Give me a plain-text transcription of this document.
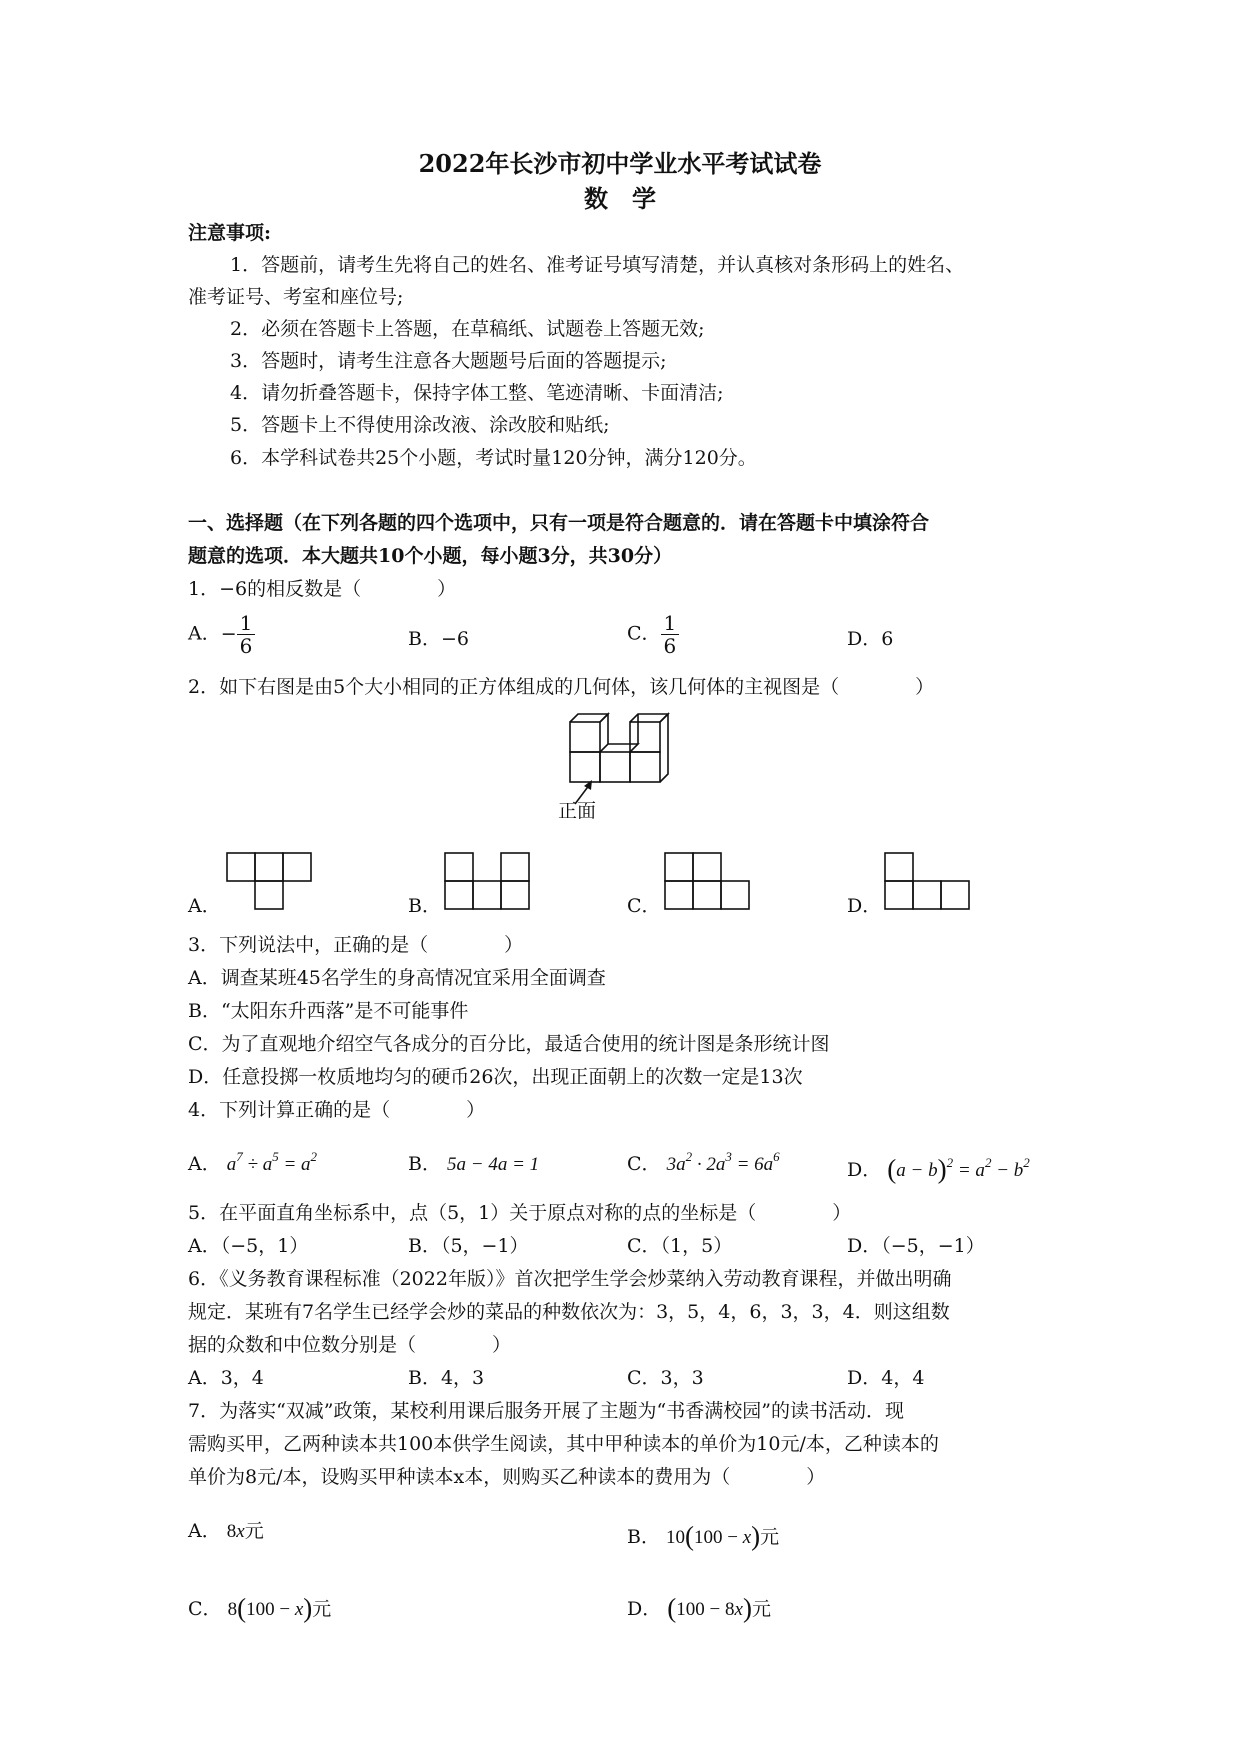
2022年长沙市初中学业水平考试试卷
数　学
注意事项:
1．答题前，请考生先将自己的姓名、准考证号填写清楚，并认真核对条形码上的姓名、
准考证号、考室和座位号;
2．必须在答题卡上答题，在草稿纸、试题卷上答题无效;
3．答题时，请考生注意各大题题号后面的答题提示;
4．请勿折叠答题卡，保持字体工整、笔迹清晰、卡面清洁;
5．答题卡上不得使用涂改液、涂改胶和贴纸;
6．本学科试卷共25个小题，考试时量120分钟，满分120分。
一、选择题（在下列各题的四个选项中，只有一项是符合题意的．请在答题卡中填涂符合
题意的选项．本大题共10个小题，每小题3分，共30分）
1．−6的相反数是（　　　　）
A．− $\frac{1}{6}$	B．−6	C． $\frac{1}{6}$	D．6
2．如下右图是由5个大小相同的正方体组成的几何体，该几何体的主视图是（　　　　）
正面
A．	B．	C．	D．
3．下列说法中，正确的是（　　　　）
A．调查某班45名学生的身高情况宜采用全面调查
B．“太阳东升西落”是不可能事件
C．为了直观地介绍空气各成分的百分比，最适合使用的统计图是条形统计图
D．任意投掷一枚质地均匀的硬币26次，出现正面朝上的次数一定是13次
4．下列计算正确的是（　　　　）
A． $a^7 \div a^5 = a^2$	B． 5a − 4a = 1	C． $3a^2 \cdot 2a^3 = 6a^6$
D． $(a - b)^2 = a^2 - b^2$
5．在平面直角坐标系中，点（5，1）关于原点对称的点的坐标是（　　　　）
A．（−5，1）	B．（5，−1）	C．（1，5）	D．（−5，−1）
6．《义务教育课程标准（2022年版）》首次把学生学会炒菜纳入劳动教育课程，并做出明确
规定．某班有7名学生已经学会炒的菜品的种数依次为：3，5，4，6，3，3，4．则这组数
据的众数和中位数分别是（　　　　）
A．3，4	B．4，3	C．3，3	D．4，4
7．为落实“双减”政策，某校利用课后服务开展了主题为“书香满校园”的读书活动．现
需购买甲，乙两种读本共100本供学生阅读，其中甲种读本的单价为10元/本，乙种读本的
单价为8元/本，设购买甲种读本x本，则购买乙种读本的费用为（　　　　）
A． 8x元	B． 10(100 − x)元
C． 8(100 − x)元	D． (100 − 8x)元
